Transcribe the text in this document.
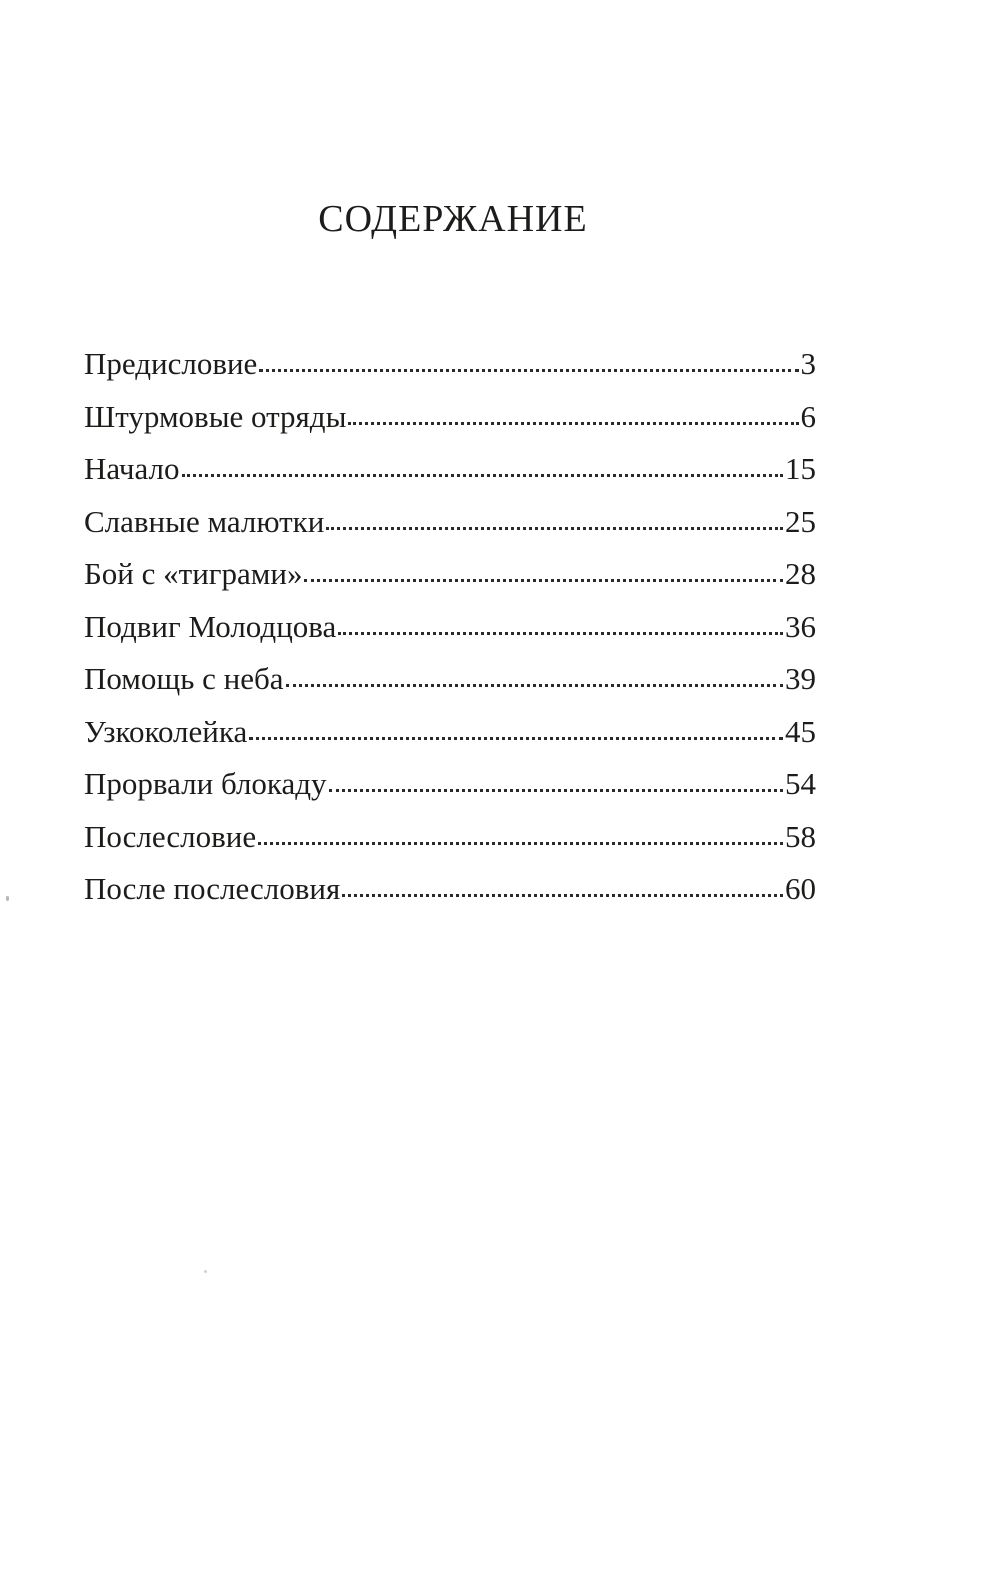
СОДЕРЖАНИЕ
Предисловие	3
Штурмовые отряды	6
Начало	15
Славные малютки	25
Бой с «тиграми»	28
Подвиг Молодцова	36
Помощь с неба	39
Узкоколейка	45
Прорвали блокаду	54
Послесловие	58
После послесловия	60
